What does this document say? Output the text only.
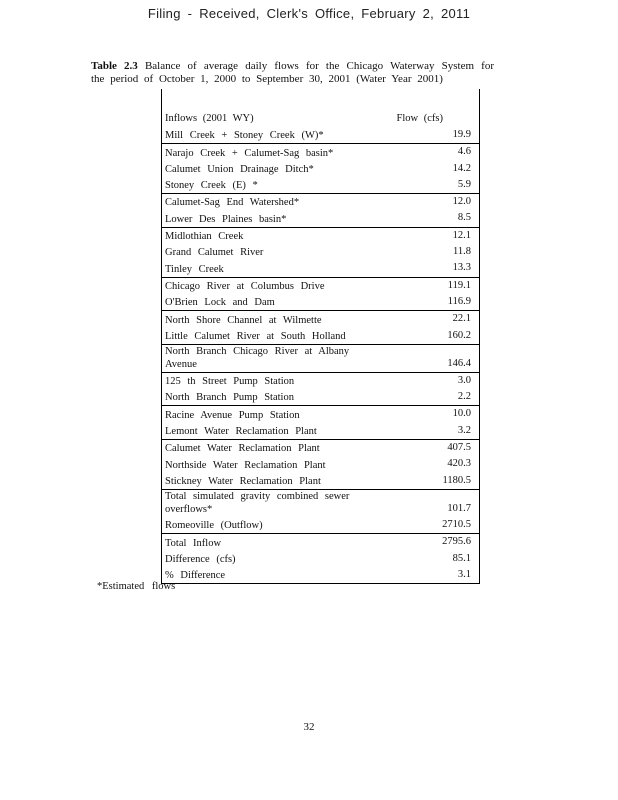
Filing - Received, Clerk's Office, February 2, 2011
Table 2.3 Balance of average daily flows for the Chicago Waterway System for the period of October 1, 2000 to September 30, 2001 (Water Year 2001)
Inflows (2001 WY)	Flow (cfs)
Mill Creek + Stoney Creek (W)*	19.9
Narajo Creek + Calumet-Sag basin*	4.6
Calumet Union Drainage Ditch*	14.2
Stoney Creek (E) *	5.9
Calumet-Sag End Watershed*	12.0
Lower Des Plaines basin*	8.5
Midlothian Creek	12.1
Grand Calumet River	11.8
Tinley Creek	13.3
Chicago River at Columbus Drive	119.1
O'Brien Lock and Dam	116.9
North Shore Channel at Wilmette	22.1
Little Calumet River at South Holland	160.2
North Branch Chicago River at Albany Avenue	146.4
125 th Street Pump Station	3.0
North Branch Pump Station	2.2
Racine Avenue Pump Station	10.0
Lemont Water Reclamation Plant	3.2
Calumet Water Reclamation Plant	407.5
Northside Water Reclamation Plant	420.3
Stickney Water Reclamation Plant	1180.5
Total simulated gravity combined sewer overflows*	101.7
Romeoville (Outflow)	2710.5
Total Inflow	2795.6
Difference (cfs)	85.1
% Difference	3.1
*Estimated flows
32
